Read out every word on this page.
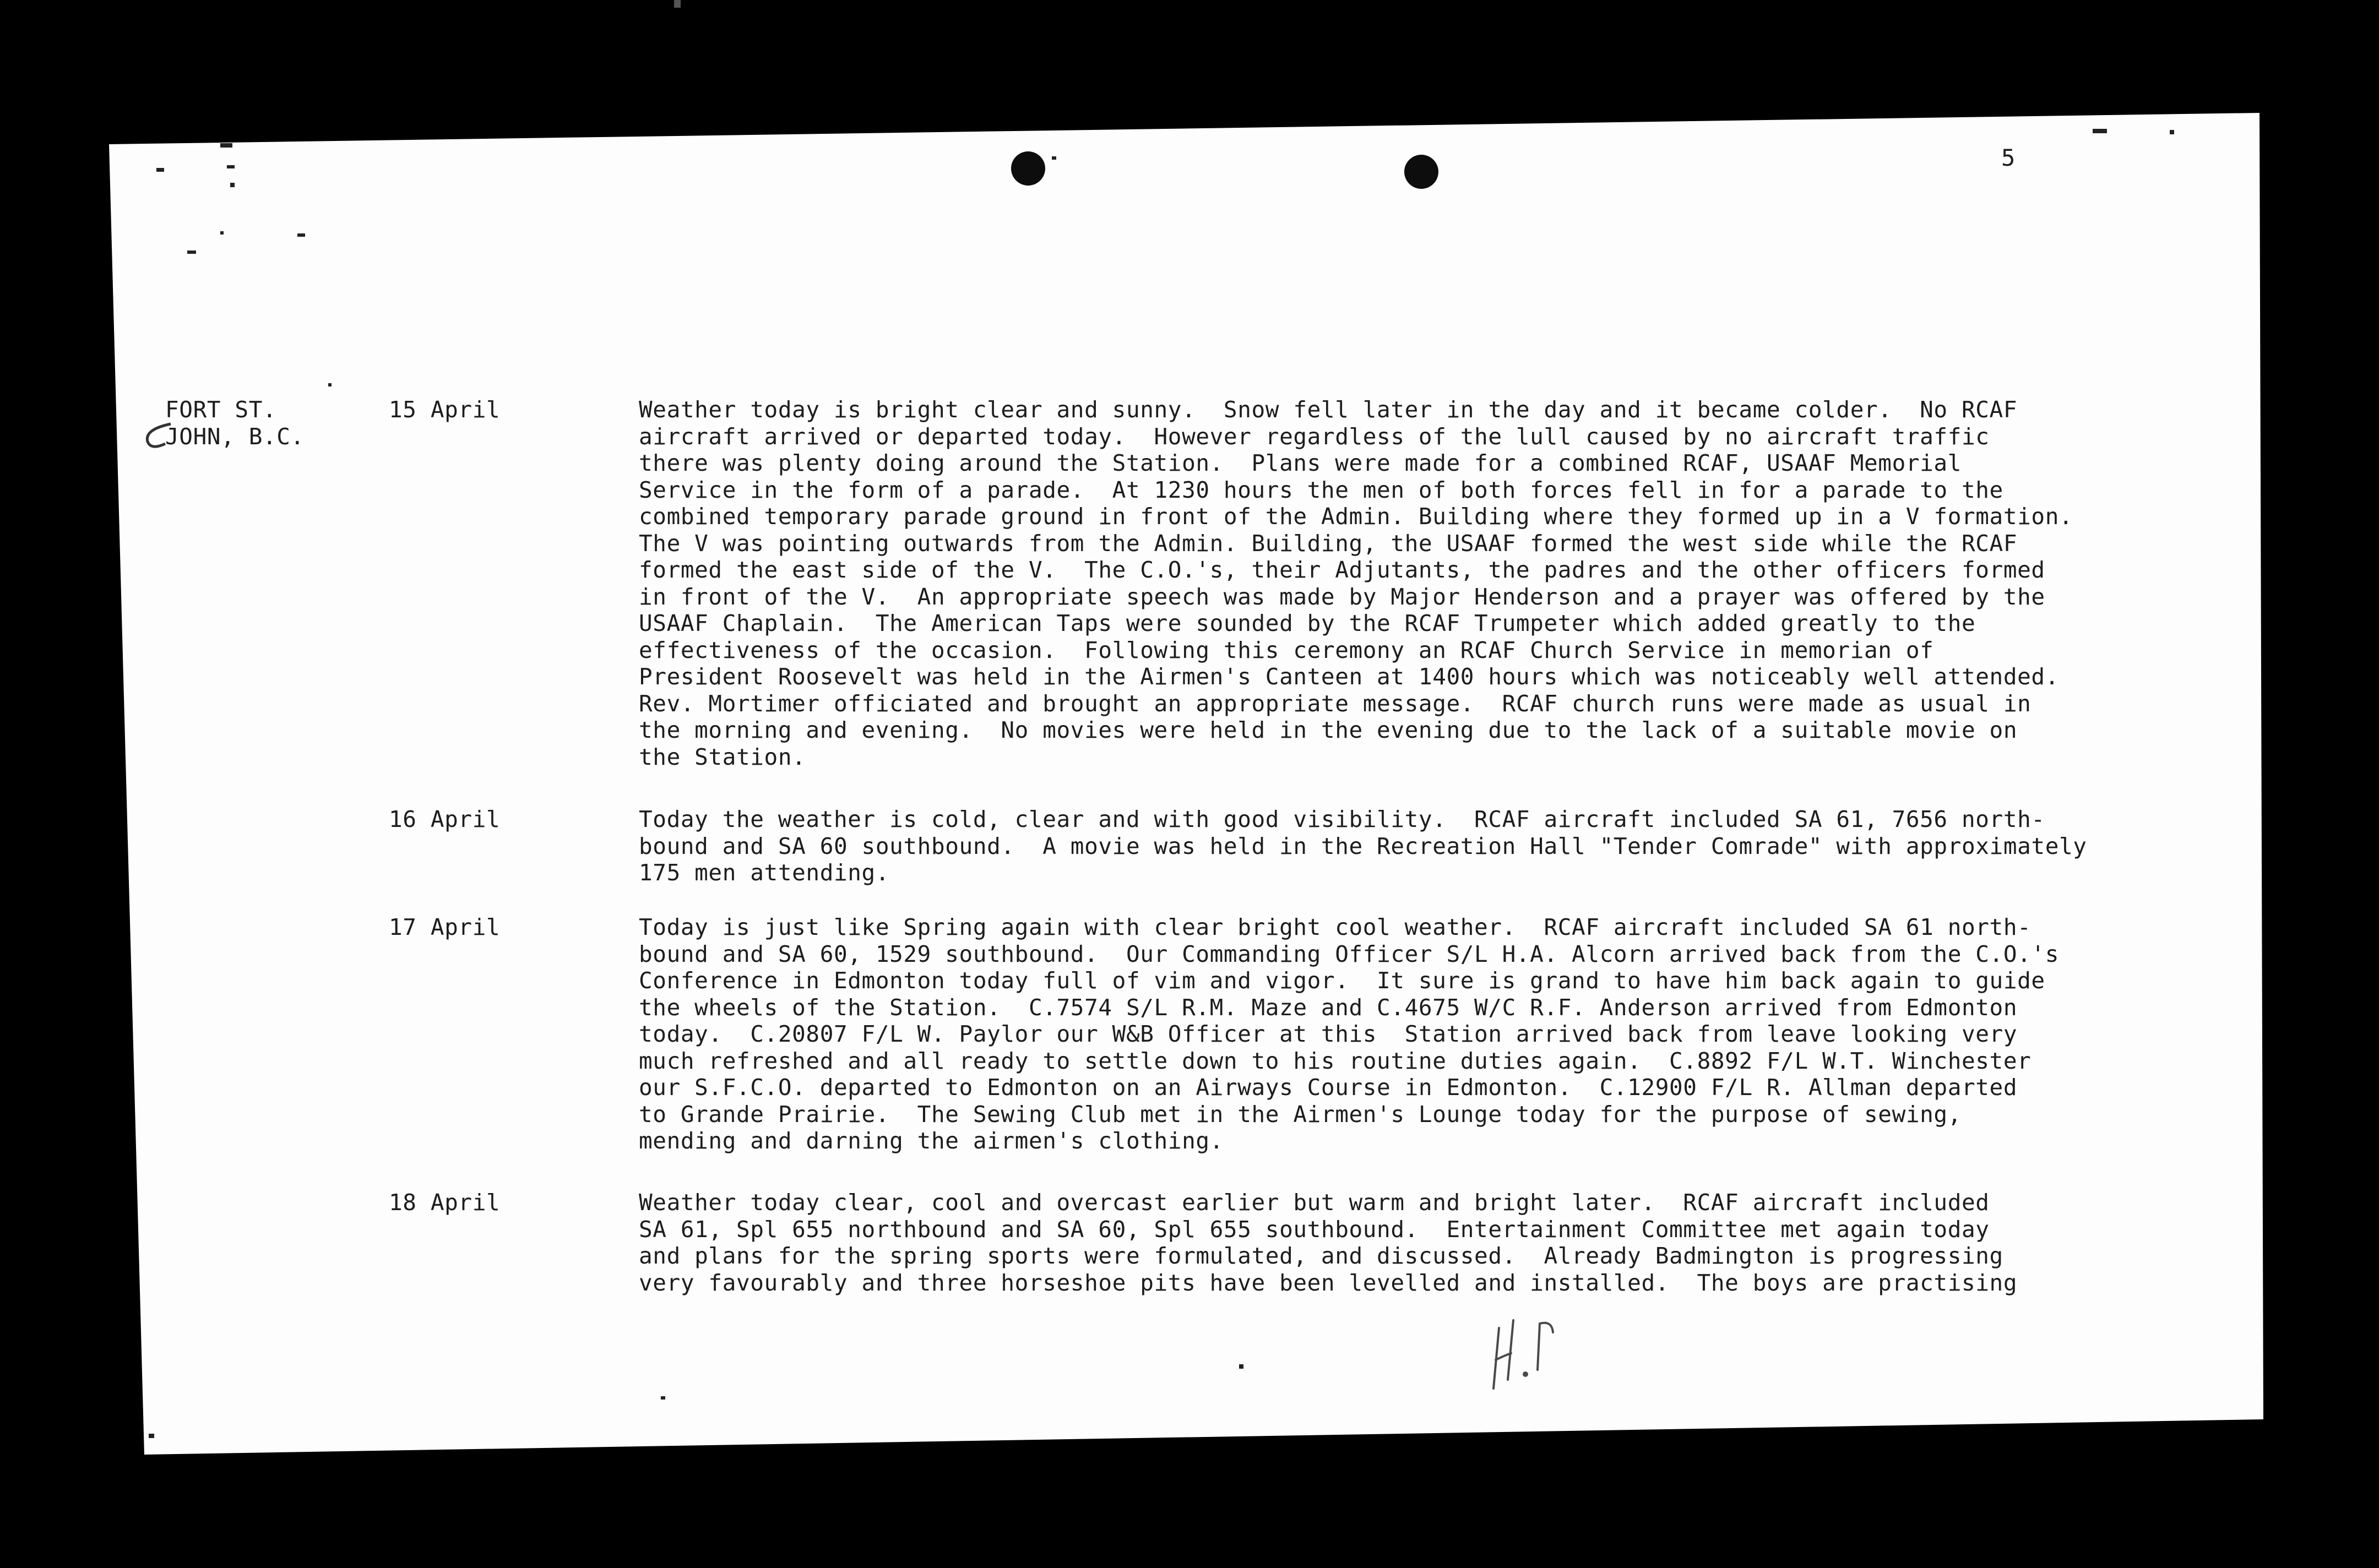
5
FORT ST.
JOHN, B.C.
15 April	Weather today is bright clear and sunny.  Snow fell later in the day and it became colder.  No RCAF
aircraft arrived or departed today.  However regardless of the lull caused by no aircraft traffic
there was plenty doing around the Station.  Plans were made for a combined RCAF, USAAF Memorial
Service in the form of a parade.  At 1230 hours the men of both forces fell in for a parade to the
combined temporary parade ground in front of the Admin. Building where they formed up in a V formation.
The V was pointing outwards from the Admin. Building, the USAAF formed the west side while the RCAF
formed the east side of the V.  The C.O.'s, their Adjutants, the padres and the other officers formed
in front of the V.  An appropriate speech was made by Major Henderson and a prayer was offered by the
USAAF Chaplain.  The American Taps were sounded by the RCAF Trumpeter which added greatly to the
effectiveness of the occasion.  Following this ceremony an RCAF Church Service in memorian of
President Roosevelt was held in the Airmen's Canteen at 1400 hours which was noticeably well attended.
Rev. Mortimer officiated and brought an appropriate message.  RCAF church runs were made as usual in
the morning and evening.  No movies were held in the evening due to the lack of a suitable movie on
the Station.
16 April	Today the weather is cold, clear and with good visibility.  RCAF aircraft included SA 61, 7656 north-
bound and SA 60 southbound.  A movie was held in the Recreation Hall "Tender Comrade" with approximately
175 men attending.
17 April	Today is just like Spring again with clear bright cool weather.  RCAF aircraft included SA 61 north-
bound and SA 60, 1529 southbound.  Our Commanding Officer S/L H.A. Alcorn arrived back from the C.O.'s
Conference in Edmonton today full of vim and vigor.  It sure is grand to have him back again to guide
the wheels of the Station.  C.7574 S/L R.M. Maze and C.4675 W/C R.F. Anderson arrived from Edmonton
today.  C.20807 F/L W. Paylor our W&B Officer at this  Station arrived back from leave looking very
much refreshed and all ready to settle down to his routine duties again.  C.8892 F/L W.T. Winchester
our S.F.C.O. departed to Edmonton on an Airways Course in Edmonton.  C.12900 F/L R. Allman departed
to Grande Prairie.  The Sewing Club met in the Airmen's Lounge today for the purpose of sewing,
mending and darning the airmen's clothing.
18 April	Weather today clear, cool and overcast earlier but warm and bright later.  RCAF aircraft included
SA 61, Spl 655 northbound and SA 60, Spl 655 southbound.  Entertainment Committee met again today
and plans for the spring sports were formulated, and discussed.  Already Badmington is progressing
very favourably and three horseshoe pits have been levelled and installed.  The boys are practising
